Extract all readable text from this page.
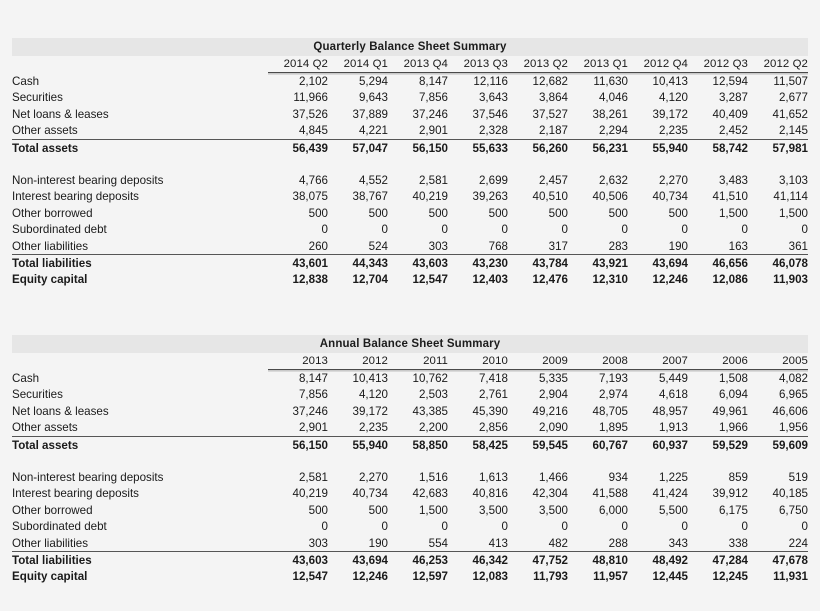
Quarterly Balance Sheet Summary
	2014 Q2	2014 Q1	2013 Q4	2013 Q3	2013 Q2	2013 Q1	2012 Q4	2012 Q3	2012 Q2
Cash	2,102	5,294	8,147	12,116	12,682	11,630	10,413	12,594	11,507
Securities	11,966	9,643	7,856	3,643	3,864	4,046	4,120	3,287	2,677
Net loans & leases	37,526	37,889	37,246	37,546	37,527	38,261	39,172	40,409	41,652
Other assets	4,845	4,221	2,901	2,328	2,187	2,294	2,235	2,452	2,145
Total assets	56,439	57,047	56,150	55,633	56,260	56,231	55,940	58,742	57,981

Non-interest bearing deposits	4,766	4,552	2,581	2,699	2,457	2,632	2,270	3,483	3,103
Interest bearing deposits	38,075	38,767	40,219	39,263	40,510	40,506	40,734	41,510	41,114
Other borrowed	500	500	500	500	500	500	500	1,500	1,500
Subordinated debt	0	0	0	0	0	0	0	0	0
Other liabilities	260	524	303	768	317	283	190	163	361
Total liabilities	43,601	44,343	43,603	43,230	43,784	43,921	43,694	46,656	46,078
Equity capital	12,838	12,704	12,547	12,403	12,476	12,310	12,246	12,086	11,903
Annual Balance Sheet Summary
	2013	2012	2011	2010	2009	2008	2007	2006	2005
Cash	8,147	10,413	10,762	7,418	5,335	7,193	5,449	1,508	4,082
Securities	7,856	4,120	2,503	2,761	2,904	2,974	4,618	6,094	6,965
Net loans & leases	37,246	39,172	43,385	45,390	49,216	48,705	48,957	49,961	46,606
Other assets	2,901	2,235	2,200	2,856	2,090	1,895	1,913	1,966	1,956
Total assets	56,150	55,940	58,850	58,425	59,545	60,767	60,937	59,529	59,609

Non-interest bearing deposits	2,581	2,270	1,516	1,613	1,466	934	1,225	859	519
Interest bearing deposits	40,219	40,734	42,683	40,816	42,304	41,588	41,424	39,912	40,185
Other borrowed	500	500	1,500	3,500	3,500	6,000	5,500	6,175	6,750
Subordinated debt	0	0	0	0	0	0	0	0	0
Other liabilities	303	190	554	413	482	288	343	338	224
Total liabilities	43,603	43,694	46,253	46,342	47,752	48,810	48,492	47,284	47,678
Equity capital	12,547	12,246	12,597	12,083	11,793	11,957	12,445	12,245	11,931
